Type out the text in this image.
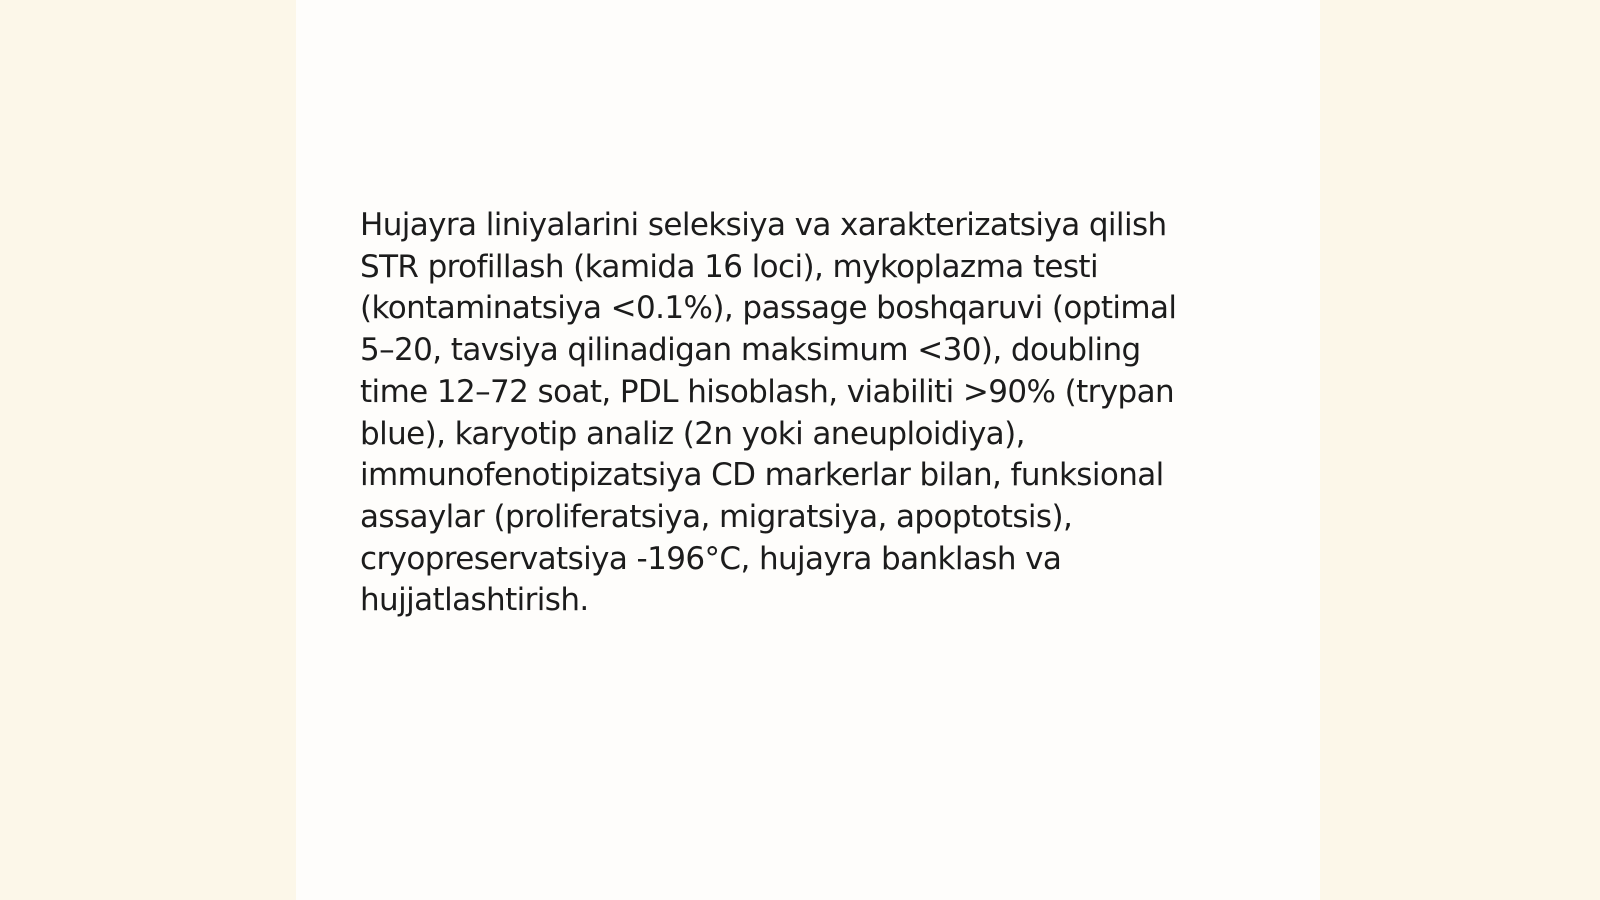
Hujayra liniyalarini seleksiya va xarakterizatsiya qilish
STR profillash (kamida 16 loci), mykoplazma testi
(kontaminatsiya <0.1%), passage boshqaruvi (optimal
5–20, tavsiya qilinadigan maksimum <30), doubling
time 12–72 soat, PDL hisoblash, viabiliti >90% (trypan
blue), karyotip analiz (2n yoki aneuploidiya),
immunofenotipizatsiya CD markerlar bilan, funksional
assaylar (proliferatsiya, migratsiya, apoptotsis),
cryopreservatsiya -196°C, hujayra banklash va
hujjatlashtirish.
